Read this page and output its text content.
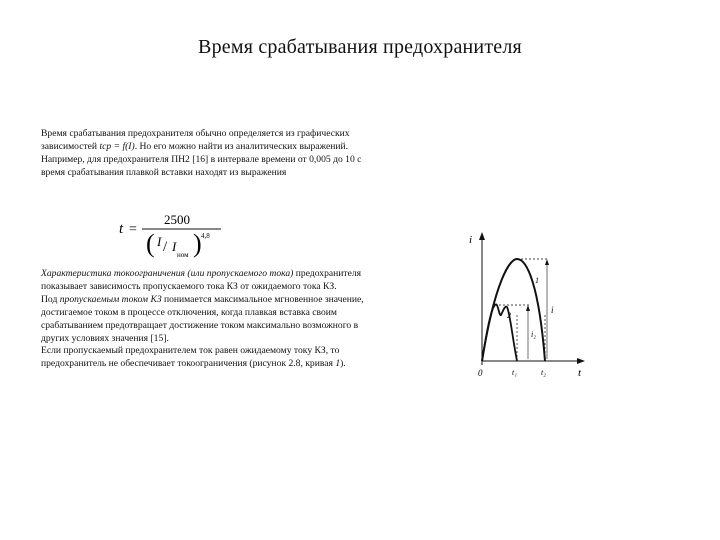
Время срабатывания предохранителя

Время срабатывания предохранителя обычно определяется из графических зависимостей tср = f(I). Но его можно найти из аналитических выражений. Например, для предохранителя ПН2 [16] в интервале времени от 0,005 до 10 с время срабатывания плавкой вставки находят из выражения

t =
2500
( I / I
ном ) 4,8

Характеристика токоограничения (или пропускаемого тока) предохранителя показывает зависимость пропускаемого тока КЗ от ожидаемого тока КЗ.

Под пропускаемым током КЗ понимается максимальное мгновенное значение, достигаемое током в процессе отключения, когда плавкая вставка своим срабатыванием предотвращает достижение током максимально возможного в других условиях значения [15].

Если пропускаемый предохранителем ток равен ожидаемому току КЗ, то предохранитель не обеспечивает токоограничения (рисунок 2.8, кривая 1).

i
t
0
1
2
i
i₂
t₁	t₂
